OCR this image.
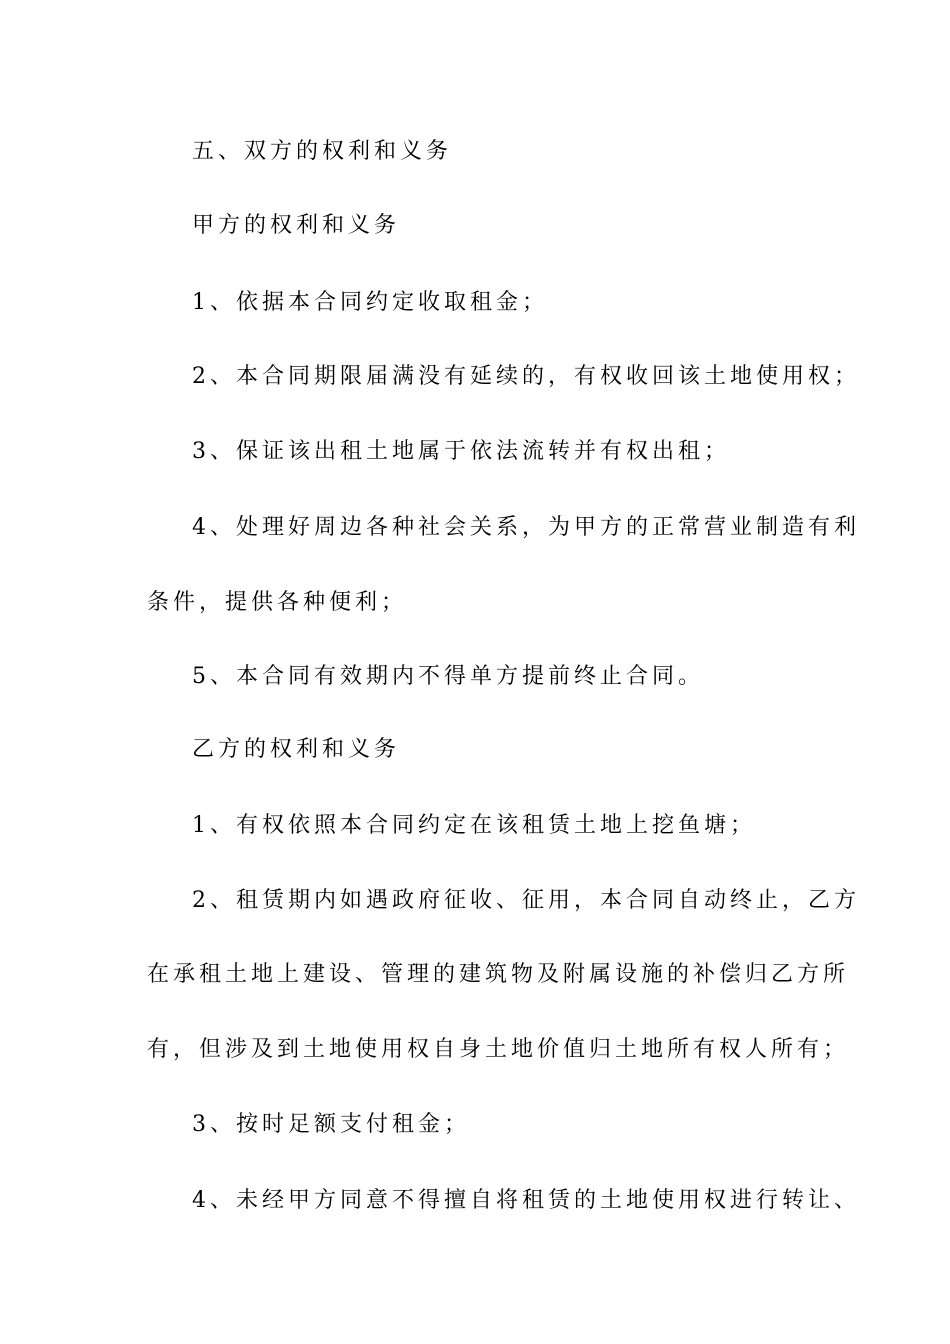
五、双方的权利和义务
甲方的权利和义务
1、依据本合同约定收取租金；
2、本合同期限届满没有延续的，有权收回该土地使用权；
3、保证该出租土地属于依法流转并有权出租；
4、处理好周边各种社会关系，为甲方的正常营业制造有利
条件，提供各种便利；
5、本合同有效期内不得单方提前终止合同。
乙方的权利和义务
1、有权依照本合同约定在该租赁土地上挖鱼塘；
2、租赁期内如遇政府征收、征用，本合同自动终止，乙方
在承租土地上建设、管理的建筑物及附属设施的补偿归乙方所
有，但涉及到土地使用权自身土地价值归土地所有权人所有；
3、按时足额支付租金；
4、未经甲方同意不得擅自将租赁的土地使用权进行转让、
